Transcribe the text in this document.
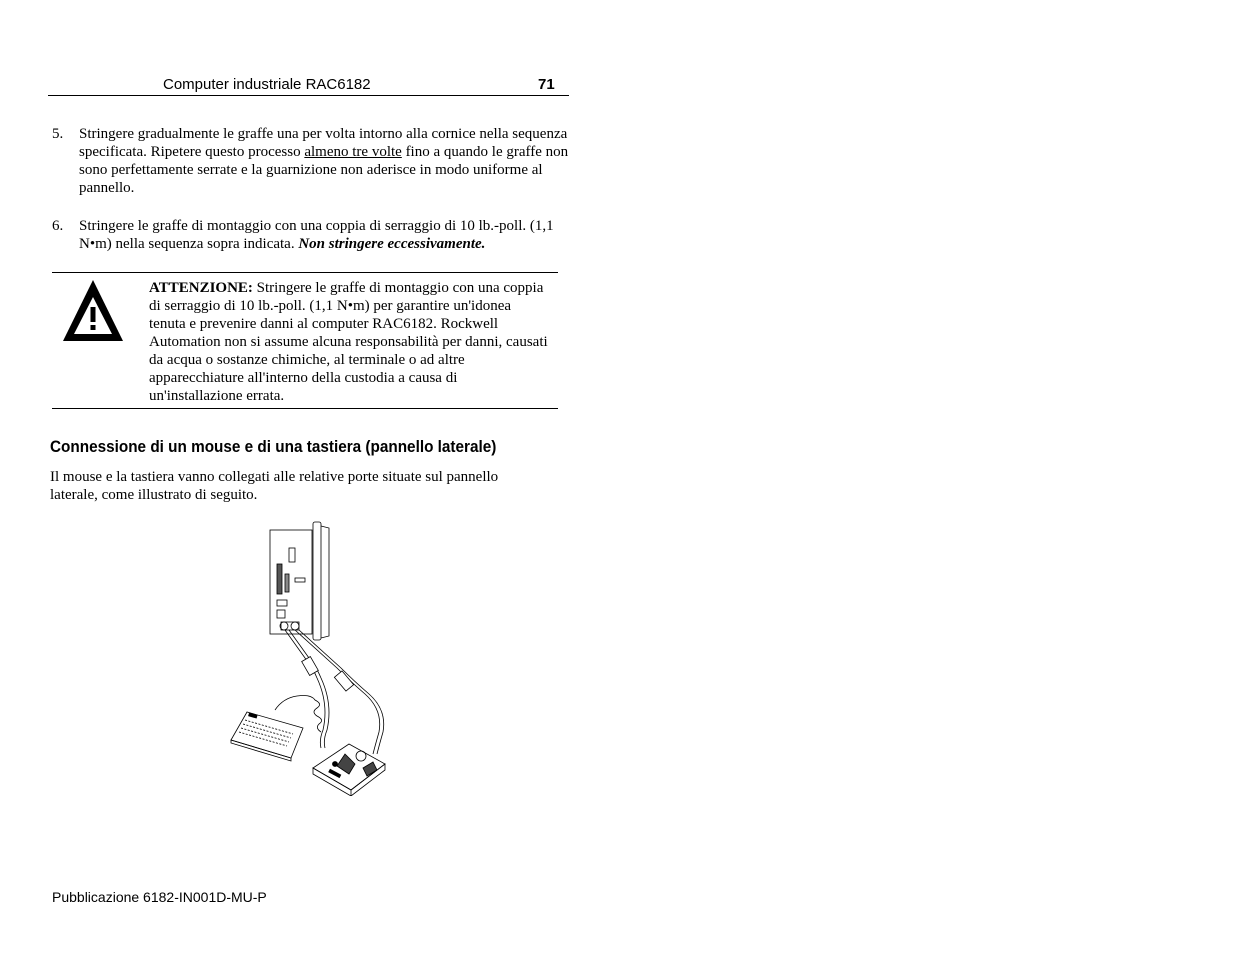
Computer industriale RAC6182	71
5. Stringere gradualmente le graffe una per volta intorno alla cornice nella sequenza specificata. Ripetere questo processo almeno tre volte fino a quando le graffe non sono perfettamente serrate e la guarnizione non aderisce in modo uniforme al pannello.
6. Stringere le graffe di montaggio con una coppia di serraggio di 10 lb.-poll. (1,1 N•m) nella sequenza sopra indicata. Non stringere eccessivamente.
ATTENZIONE: Stringere le graffe di montaggio con una coppia di serraggio di 10 lb.-poll. (1,1 N•m) per garantire un'idonea tenuta e prevenire danni al computer RAC6182. Rockwell Automation non si assume alcuna responsabilità per danni, causati da acqua o sostanze chimiche, al terminale o ad altre apparecchiature all'interno della custodia a causa di un'installazione errata.
Connessione di un mouse e di una tastiera (pannello laterale)
Il mouse e la tastiera vanno collegati alle relative porte situate sul pannello laterale, come illustrato di seguito.
Pubblicazione 6182-IN001D-MU-P
